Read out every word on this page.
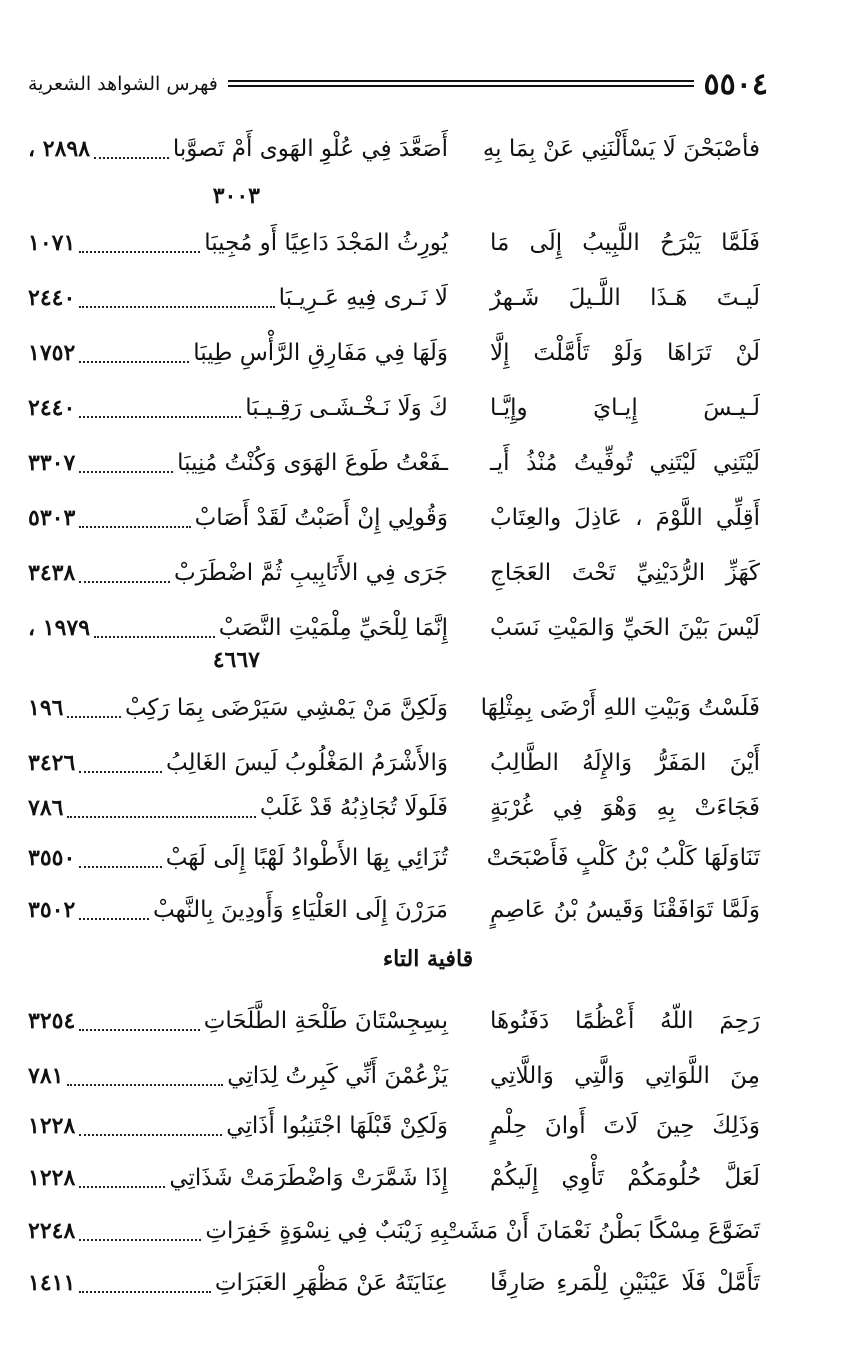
٥٥٠٤
فهرس الشواهد الشعرية
فأصْبَحْنَ لَا يَسْأَلْنَنِي عَنْ بِمَا بِهِ
أَصَعَّدَ فِي عُلْوِ الهَوى أَمْ تَصوَّبا
٢٨٩٨ ،
٣٠٠٣
فَلَمَّا يَبْرَحُ اللَّبِيبُ إِلَى مَا
يُورِثُ المَجْدَ دَاعِيًا أَو مُجِيبَا
١٠٧١
لَيـتَ هَـذَا اللَّـيلَ شَـهرٌ
لَا نَـرى فِيهِ عَـرِيـبَا
٢٤٤٠
لَنْ تَرَاهَا وَلَوْ تَأَمَّلْتَ إِلَّا
وَلَهَا فِي مَفَارِقِ الرَّأْسِ طِيبَا
١٧٥٢
لَـيـسَ إِيـايَ وإِيَّـا
كَ وَلَا نَـخْـشَـى رَقِـيـبَا
٢٤٤٠
لَيْتَنِي لَيْتَنِي تُوفِّيتُ مُنْذُ أَيـ
ـفَعْتُ طَوعَ الهَوَى وَكُنْتُ مُنِيبَا
٣٣٠٧
أَقِلِّي اللَّوْمَ ، عَاذِلَ والعِتَابْ
وَقُولِي إِنْ أَصَبْتُ لَقَدْ أَصَابْ
٥٣٠٣
كَهَزِّ الرُّدَيْنِيِّ تَحْتَ العَجَاجِ
جَرَى فِي الأَنَابِيبِ ثُمَّ اضْطَرَبْ
٣٤٣٨
لَيْسَ بَيْنَ الحَيِّ وَالمَيْتِ نَسَبْ
إِنَّمَا لِلْحَيِّ مِلْمَيْتِ النَّصَبْ
١٩٧٩ ،
٤٦٦٧
فَلَسْتُ وَبَيْتِ اللهِ أَرْضَى بِمِثْلِهَا
وَلَكِنَّ مَنْ يَمْشِي سَيَرْضَى بِمَا رَكِبْ
١٩٦
أَيْنَ المَفَرُّ وَالإِلَهُ الطَّالِبُ
وَالأَشْرَمُ المَغْلُوبُ لَيسَ الغَالِبُ
٣٤٢٦
فَجَاءَتْ بِهِ وَهْوَ فِي غُرْبَةٍ
فَلَولَا تُجَاذِبُهُ قَدْ غَلَبْ
٧٨٦
تَنَاوَلَهَا كَلْبُ بْنُ كَلْبٍ فَأَصْبَحَتْ
تُزَائِي بِهَا الأَطْوادُ لَهْبًا إِلَى لَهَبْ
٣٥٥٠
وَلَمَّا تَوَافَقْنَا وَقَيسُ بْنُ عَاصِمٍ
مَرَرْنَ إِلَى العَلْيَاءِ وَأَودِينَ بِالنَّهبْ
٣٥٠٢
قافية التاء
رَحِمَ اللّهُ أَعْظُمًا دَفَنُوهَا
بِسِجِسْتَانَ طَلْحَةِ الطَّلَحَاتِ
٣٢٥٤
مِنَ اللَّوَاتِي وَالَّتِي وَاللَّاتِي
يَزْعُمْنَ أَنِّي كَبِرتُ لِدَاتِي
٧٨١
وَذَلِكَ حِينَ لَاتَ أَوانَ حِلْمٍ
وَلَكِنْ قَبْلَهَا اجْتَنِبُوا أَذَاتِي
١٢٢٨
لَعَلَّ حُلُومَكُمْ تَأْوِي إِلَيكُمْ
إِذَا شَمَّرَتْ وَاضْطَرَمَتْ شَذَاتِي
١٢٢٨
تَضَوَّعَ مِسْكًا بَطْنُ نَعْمَانَ أَنْ مَشَتْ
بِهِ زَيْنَبٌ فِي نِسْوَةٍ خَفِرَاتِ
٢٢٤٨
تَأَمَّلْ فَلَا عَيْنَيْنِ لِلْمَرءِ صَارِفًا
عِنَايَتَهُ عَنْ مَظْهَرِ العَبَرَاتِ
١٤١١
